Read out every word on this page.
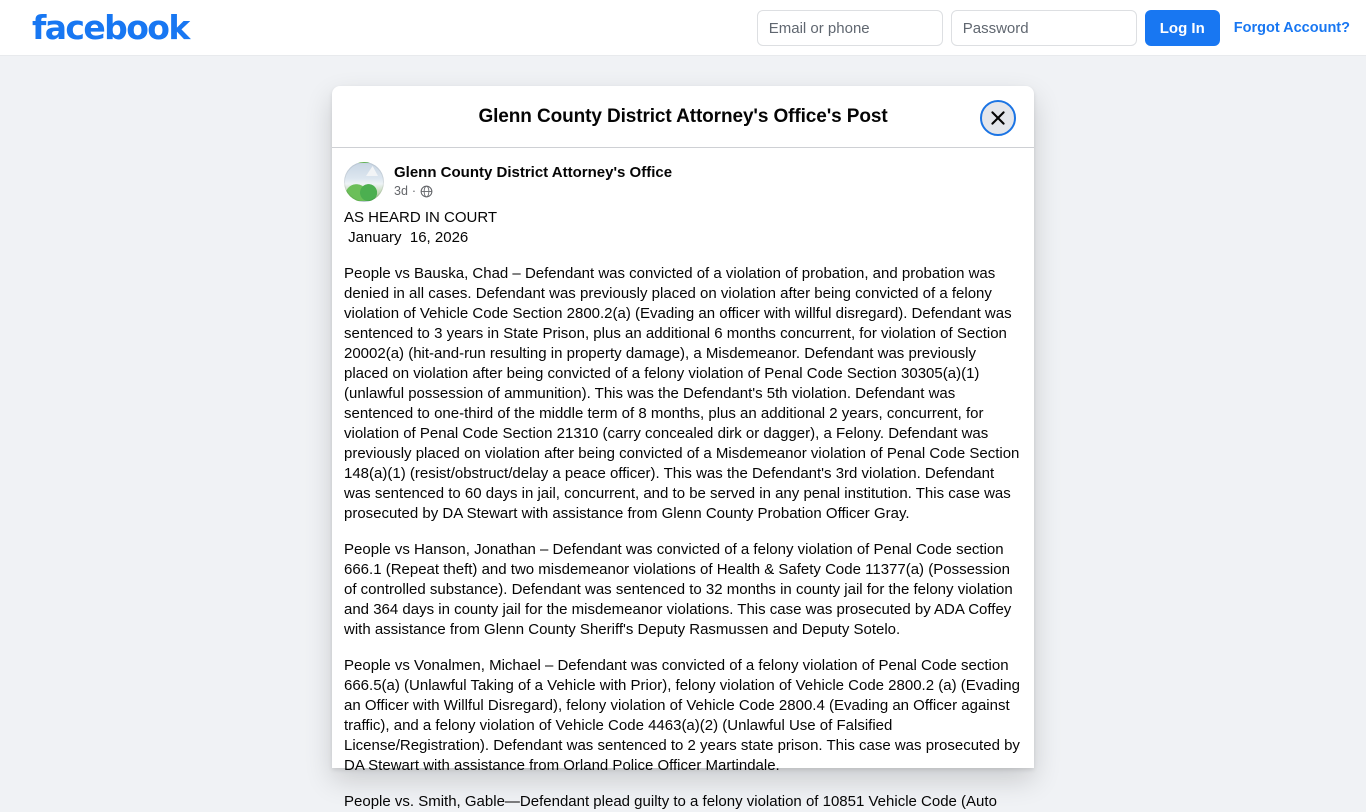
facebook
Email or phone	Log In	Forgot Account?
Glenn County District Attorney's Office's Post
Glenn County District Attorney's Office
3d ·

AS HEARD IN COURT

January  16, 2026

People vs Bauska, Chad – Defendant was convicted of a violation of probation, and probation was denied in all cases. Defendant was previously placed on violation after being convicted of a felony violation of Vehicle Code Section 2800.2(a) (Evading an officer with willful disregard). Defendant was sentenced to 3 years in State Prison, plus an additional 6 months concurrent, for violation of Section 20002(a) (hit-and-run resulting in property damage), a Misdemeanor. Defendant was previously placed on violation after being convicted of a felony violation of Penal Code Section 30305(a)(1) (unlawful possession of ammunition). This was the Defendant's 5th violation. Defendant was sentenced to one-third of the middle term of 8 months, plus an additional 2 years, concurrent, for violation of Penal Code Section 21310 (carry concealed dirk or dagger), a Felony. Defendant was previously placed on violation after being convicted of a Misdemeanor violation of Penal Code Section 148(a)(1) (resist/obstruct/delay a peace officer). This was the Defendant's 3rd violation. Defendant was sentenced to 60 days in jail, concurrent, and to be served in any penal institution. This case was prosecuted by DA Stewart with assistance from Glenn County Probation Officer Gray.

People vs Hanson, Jonathan – Defendant was convicted of a felony violation of Penal Code section 666.1 (Repeat theft) and two misdemeanor violations of Health & Safety Code 11377(a) (Possession of controlled substance). Defendant was sentenced to 32 months in county jail for the felony violation and 364 days in county jail for the misdemeanor violations. This case was prosecuted by ADA Coffey with assistance from Glenn County Sheriff's Deputy Rasmussen and Deputy Sotelo.

People vs Vonalmen, Michael – Defendant was convicted of a felony violation of Penal Code section 666.5(a) (Unlawful Taking of a Vehicle with Prior), felony violation of Vehicle Code 2800.2 (a) (Evading an Officer with Willful Disregard), felony violation of Vehicle Code 2800.4 (Evading an Officer against traffic), and a felony violation of Vehicle Code 4463(a)(2) (Unlawful Use of Falsified License/Registration). Defendant was sentenced to 2 years state prison. This case was prosecuted by DA Stewart with assistance from Orland Police Officer Martindale.

People vs. Smith, Gable—Defendant plead guilty to a felony violation of 10851 Vehicle Code (Auto
